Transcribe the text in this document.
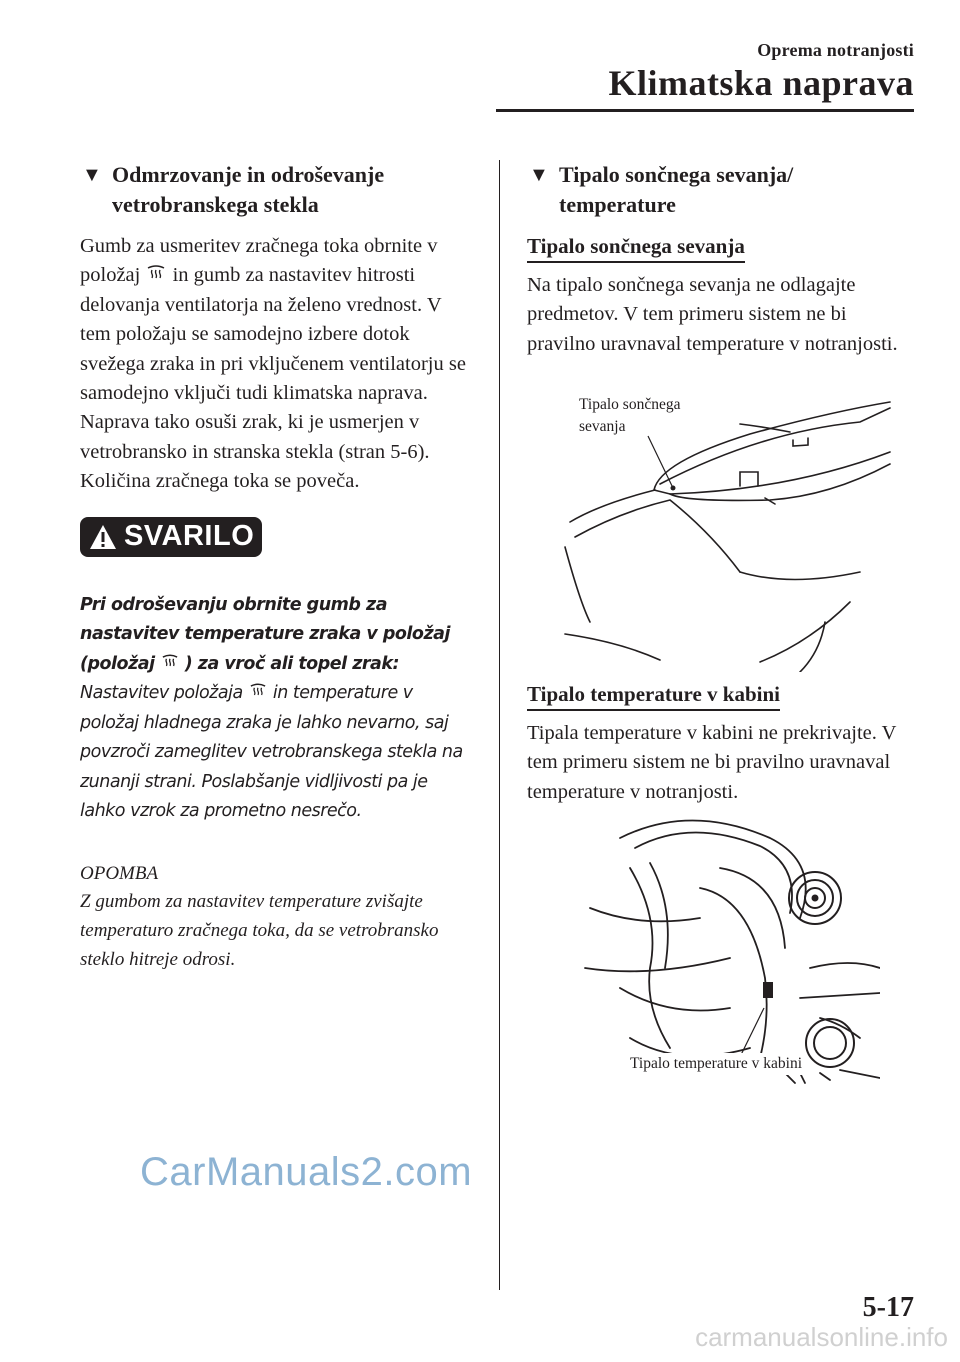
Oprema notranjosti
Klimatska naprava
▼ Odmrzovanje in odroševanje
vetrobranskega stekla

Gumb za usmeritev zračnega toka obrnite v položaj in gumb za nastavitev hitrosti delovanja ventilatorja na želeno vrednost. V tem položaju se samodejno izbere dotok svežega zraka in pri vključenem ventilatorju se samodejno vključi tudi klimatska naprava. Naprava tako osuši zrak, ki je usmerjen v vetrobransko in stranska stekla (stran 5-6). Količina zračnega toka se poveča.

SVARILO

Pri odroševanju obrnite gumb za nastavitev temperature zraka v položaj (položaj ) za vroč ali topel zrak:

Nastavitev položaja in temperature v položaj hladnega zraka je lahko nevarno, saj povzroči zameglitev vetrobranskega stekla na zunanji strani. Poslabšanje vidljivosti pa je lahko vzrok za prometno nesrečo.

OPOMBA

Z gumbom za nastavitev temperature zvišajte temperaturo zračnega toka, da se vetrobransko steklo hitreje odrosi.

▼ Tipalo sončnega sevanja/
temperature
Tipalo sončnega sevanja

Na tipalo sončnega sevanja ne odlagajte predmetov. V tem primeru sistem ne bi pravilno uravnaval temperature v notranjosti.

Tipalo sončnega
sevanja
Tipalo temperature v kabini

Tipala temperature v kabini ne prekrivajte. V tem primeru sistem ne bi pravilno uravnaval temperature v notranjosti.

Tipalo temperature v kabini
5-17
CarManuals2.com
carmanualsonline.info
